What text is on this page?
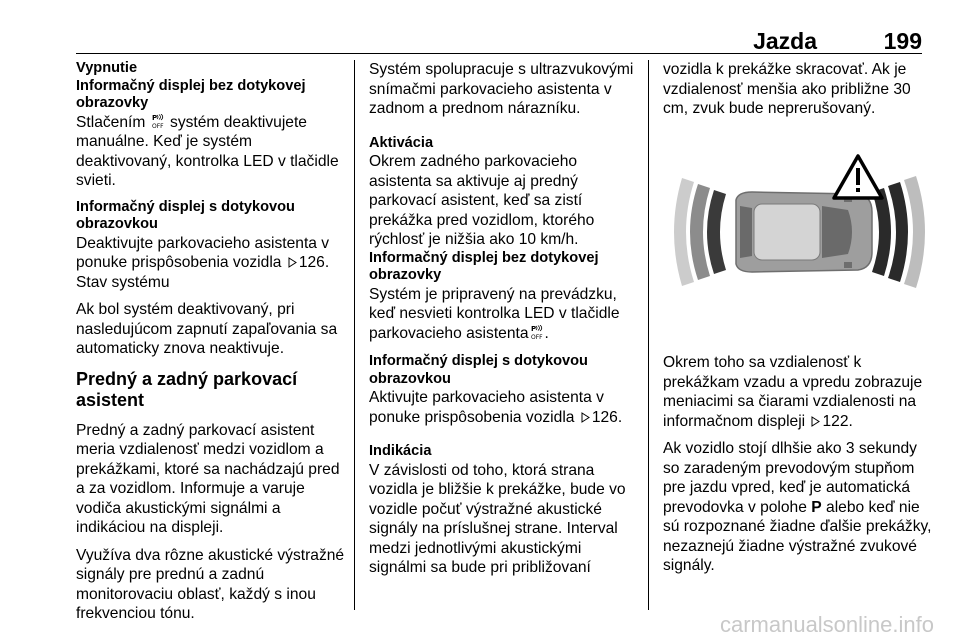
Jazda	199
Vypnutie
Informačný displej bez dotykovej obrazovky

Stlačením P
OFF systém deaktivujete manuálne. Keď je systém deaktivovaný, kontrolka LED v tlačidle svieti.

Informačný displej s dotykovou obrazovkou

Deaktivujte parkovacieho asistenta v ponuke prispôsobenia vozidla 126.

Stav systému

Ak bol systém deaktivovaný, pri nasledujúcom zapnutí zapaľovania sa automaticky znova neaktivuje.

Predný a zadný parkovací asistent

Predný a zadný parkovací asistent meria vzdialenosť medzi vozidlom a prekážkami, ktoré sa nachádzajú pred a za vozidlom. Informuje a varuje vodiča akustickými signálmi a indikáciou na displeji.

Využíva dva rôzne akustické výstražné signály pre prednú a zadnú monitorovaciu oblasť, každý s inou frekvenciou tónu.

Systém spolupracuje s ultrazvukovými snímačmi parkovacieho asistenta v zadnom a prednom nárazníku.

Aktivácia

Okrem zadného parkovacieho asistenta sa aktivuje aj predný parkovací asistent, keď sa zistí prekážka pred vozidlom, ktorého rýchlosť je nižšia ako 10 km/h.

Informačný displej bez dotykovej obrazovky

Systém je pripravený na prevádzku, keď nesvieti kontrolka LED v tlačidle parkovacieho asistenta P
OFF .

Informačný displej s dotykovou obrazovkou

Aktivujte parkovacieho asistenta v ponuke prispôsobenia vozidla 126.

Indikácia

V závislosti od toho, ktorá strana vozidla je bližšie k prekážke, bude vo vozidle počuť výstražné akustické signály na príslušnej strane. Interval medzi jednotlivými akustickými signálmi sa bude pri približovaní

vozidla k prekážke skracovať. Ak je vzdialenosť menšia ako približne 30 cm, zvuk bude neprerušovaný.

Okrem toho sa vzdialenosť k prekážkam vzadu a vpredu zobrazuje meniacimi sa čiarami vzdialenosti na informačnom displeji 122.

Ak vozidlo stojí dlhšie ako 3 sekundy so zaradeným prevodovým stupňom pre jazdu vpred, keď je automatická prevodovka v polohe P alebo keď nie sú rozpoznané žiadne ďalšie prekážky, nezaznejú žiadne výstražné zvukové signály.

carmanualsonline.info
